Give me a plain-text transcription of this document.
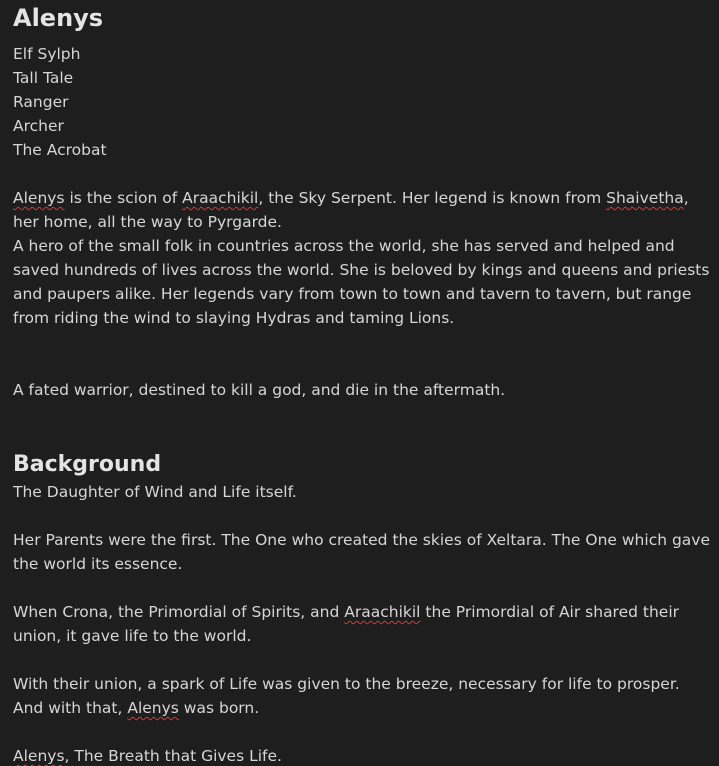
Alenys

Elf Sylph

Tall Tale

Ranger

Archer

The Acrobat

Alenys is the scion of Araachikil, the Sky Serpent. Her legend is known from Shaivetha, her home, all the way to Pyrgarde.

A hero of the small folk in countries across the world, she has served and helped and saved hundreds of lives across the world. She is beloved by kings and queens and priests and paupers alike. Her legends vary from town to town and tavern to tavern, but range from riding the wind to slaying Hydras and taming Lions.

A fated warrior, destined to kill a god, and die in the aftermath.

Background

The Daughter of Wind and Life itself.

Her Parents were the first. The One who created the skies of Xeltara. The One which gave the world its essence.

When Crona, the Primordial of Spirits, and Araachikil the Primordial of Air shared their union, it gave life to the world.

With their union, a spark of Life was given to the breeze, necessary for life to prosper. And with that, Alenys was born.

Alenys, The Breath that Gives Life.
